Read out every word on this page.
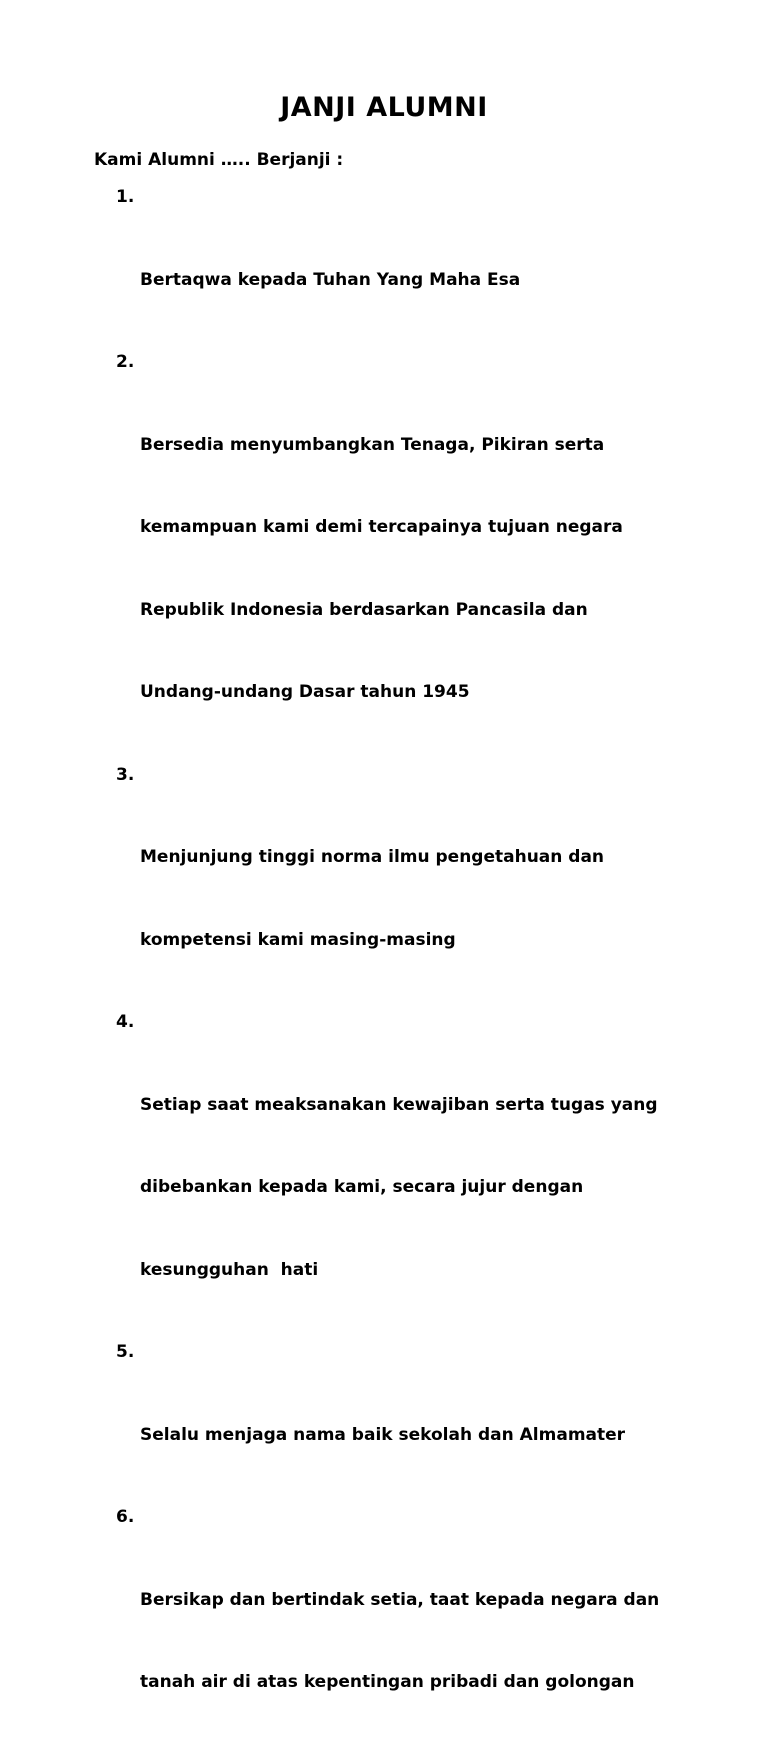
JANJI ALUMNI
Kami Alumni ….. Berjanji :

1.

Bertaqwa kepada Tuhan Yang Maha Esa

2.

Bersedia menyumbangkan Tenaga, Pikiran serta

kemampuan kami demi tercapainya tujuan negara

Republik Indonesia berdasarkan Pancasila dan

Undang-undang Dasar tahun 1945

3.

Menjunjung tinggi norma ilmu pengetahuan dan

kompetensi kami masing-masing

4.

Setiap saat meaksanakan kewajiban serta tugas yang

dibebankan kepada kami, secara jujur dengan

kesungguhan  hati

5.

Selalu menjaga nama baik sekolah dan Almamater

6.

Bersikap dan bertindak setia, taat kepada negara dan

tanah air di atas kepentingan pribadi dan golongan
